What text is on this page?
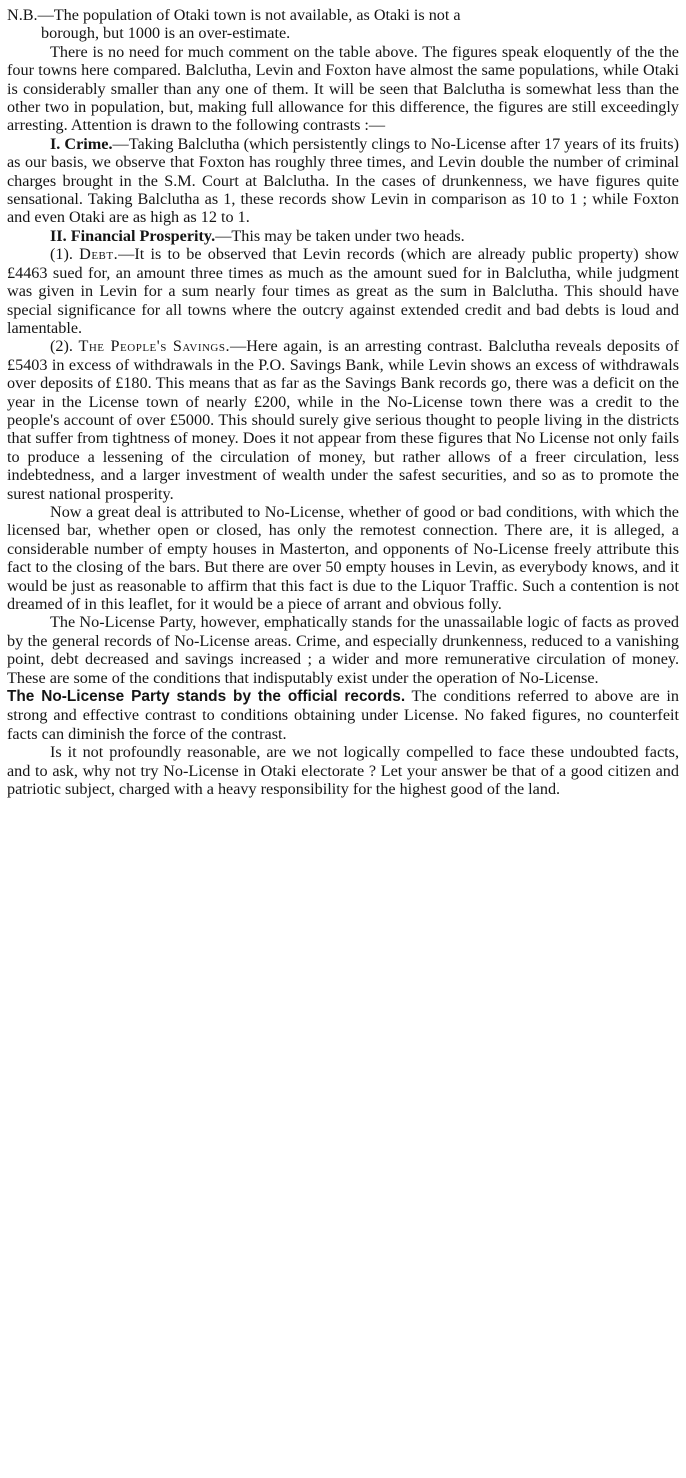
N.B.—The population of Otaki town is not available, as Otaki is not a
borough, but 1000 is an over-estimate.

There is no need for much comment on the table above. The figures speak eloquently of the the four towns here compared. Balclutha, Levin and Foxton have almost the same populations, while Otaki is considerably smaller than any one of them. It will be seen that Balclutha is somewhat less than the other two in population, but, making full allowance for this difference, the figures are still exceedingly arresting. Attention is drawn to the following contrasts :—

I. Crime.—Taking Balclutha (which persistently clings to No-License after 17 years of its fruits) as our basis, we observe that Foxton has roughly three times, and Levin double the number of criminal charges brought in the S.M. Court at Balclutha. In the cases of drunkenness, we have figures quite sensational. Taking Balclutha as 1, these records show Levin in comparison as 10 to 1 ; while Foxton and even Otaki are as high as 12 to 1.

II. Financial Prosperity.—This may be taken under two heads.

(1). Debt.—It is to be observed that Levin records (which are already public property) show £4463 sued for, an amount three times as much as the amount sued for in Balclutha, while judgment was given in Levin for a sum nearly four times as great as the sum in Balclutha. This should have special significance for all towns where the outcry against extended credit and bad debts is loud and lamentable.

(2). The People's Savings.—Here again, is an arresting contrast. Balclutha reveals deposits of £5403 in excess of withdrawals in the P.O. Savings Bank, while Levin shows an excess of withdrawals over deposits of £180. This means that as far as the Savings Bank records go, there was a deficit on the year in the License town of nearly £200, while in the No-License town there was a credit to the people's account of over £5000. This should surely give serious thought to people living in the districts that suffer from tightness of money. Does it not appear from these figures that No License not only fails to produce a lessening of the circulation of money, but rather allows of a freer circulation, less indebtedness, and a larger investment of wealth under the safest securities, and so as to promote the surest national prosperity.

Now a great deal is attributed to No-License, whether of good or bad conditions, with which the licensed bar, whether open or closed, has only the remotest connection. There are, it is alleged, a considerable number of empty houses in Masterton, and opponents of No-License freely attribute this fact to the closing of the bars. But there are over 50 empty houses in Levin, as everybody knows, and it would be just as reasonable to affirm that this fact is due to the Liquor Traffic. Such a contention is not dreamed of in this leaflet, for it would be a piece of arrant and obvious folly.

The No-License Party, however, emphatically stands for the unassailable logic of facts as proved by the general records of No-License areas. Crime, and especially drunkenness, reduced to a vanishing point, debt decreased and savings increased ; a wider and more remunerative circulation of money. These are some of the conditions that indisputably exist under the operation of No-License.

The No-License Party stands by the official records. The conditions referred to above are in strong and effective contrast to conditions obtaining under License. No faked figures, no counterfeit facts can diminish the force of the contrast.

Is it not profoundly reasonable, are we not logically compelled to face these undoubted facts, and to ask, why not try No-License in Otaki electorate ? Let your answer be that of a good citizen and patriotic subject, charged with a heavy responsibility for the highest good of the land.
